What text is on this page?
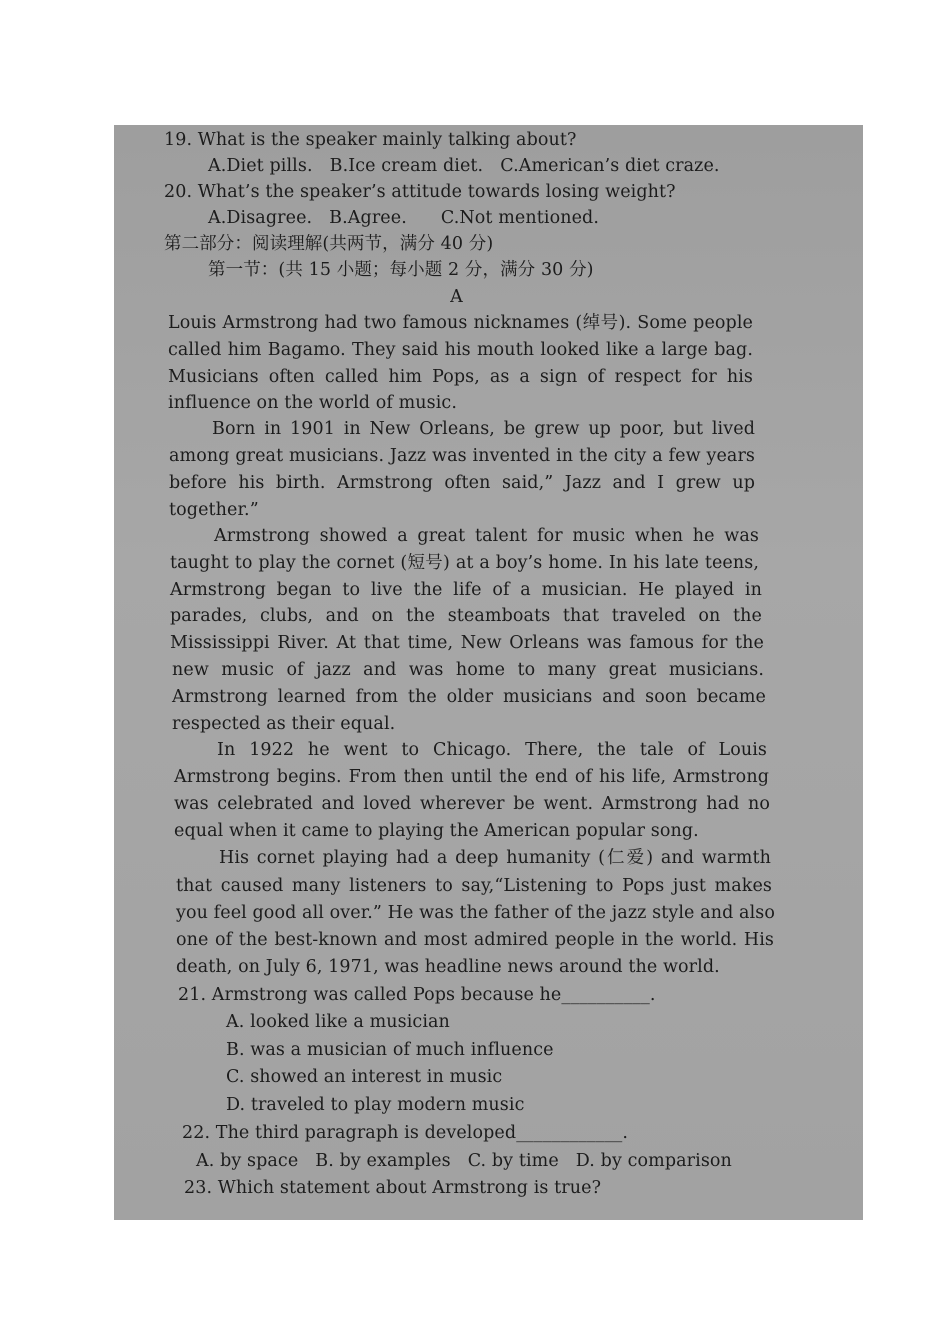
19. What is the speaker mainly talking about?
A.Diet pills.   B.Ice cream diet.   C.American’s diet craze.
20. What’s the speaker’s attitude towards losing weight?
A.Disagree.   B.Agree.      C.Not mentioned.
第二部分：阅读理解(共两节，满分 40 分)
第一节：(共 15 小题；每小题 2 分，满分 30 分)
A
Louis Armstrong had two famous nicknames (绰号). Some people
called him Bagamo. They said his mouth looked like a large bag.
Musicians often called him Pops, as a sign of respect for his
influence on the world of music.
Born in 1901 in New Orleans, be grew up poor, but lived
among great musicians. Jazz was invented in the city a few years
before his birth. Armstrong often said,” Jazz and I grew up
together.”
Armstrong showed a great talent for music when he was
taught to play the cornet (短号) at a boy’s home. In his late teens,
Armstrong began to live the life of a musician. He played in
parades, clubs, and on the steamboats that traveled on the
Mississippi River. At that time, New Orleans was famous for the
new music of jazz and was home to many great musicians.
Armstrong learned from the older musicians and soon became
respected as their equal.
In 1922 he went to Chicago. There, the tale of Louis
Armstrong begins. From then until the end of his life, Armstrong
was celebrated and loved wherever be went. Armstrong had no
equal when it came to playing the American popular song.
His cornet playing had a deep humanity (仁爱) and warmth
that caused many listeners to say,“Listening to Pops just makes
you feel good all over.” He was the father of the jazz style and also
one of the best-known and most admired people in the world. His
death, on July 6, 1971, was headline news around the world.
21. Armstrong was called Pops because he__________.
A. looked like a musician
B. was a musician of much influence
C. showed an interest in music
D. traveled to play modern music
22. The third paragraph is developed____________.
A. by space   B. by examples   C. by time   D. by comparison
23. Which statement about Armstrong is true?
